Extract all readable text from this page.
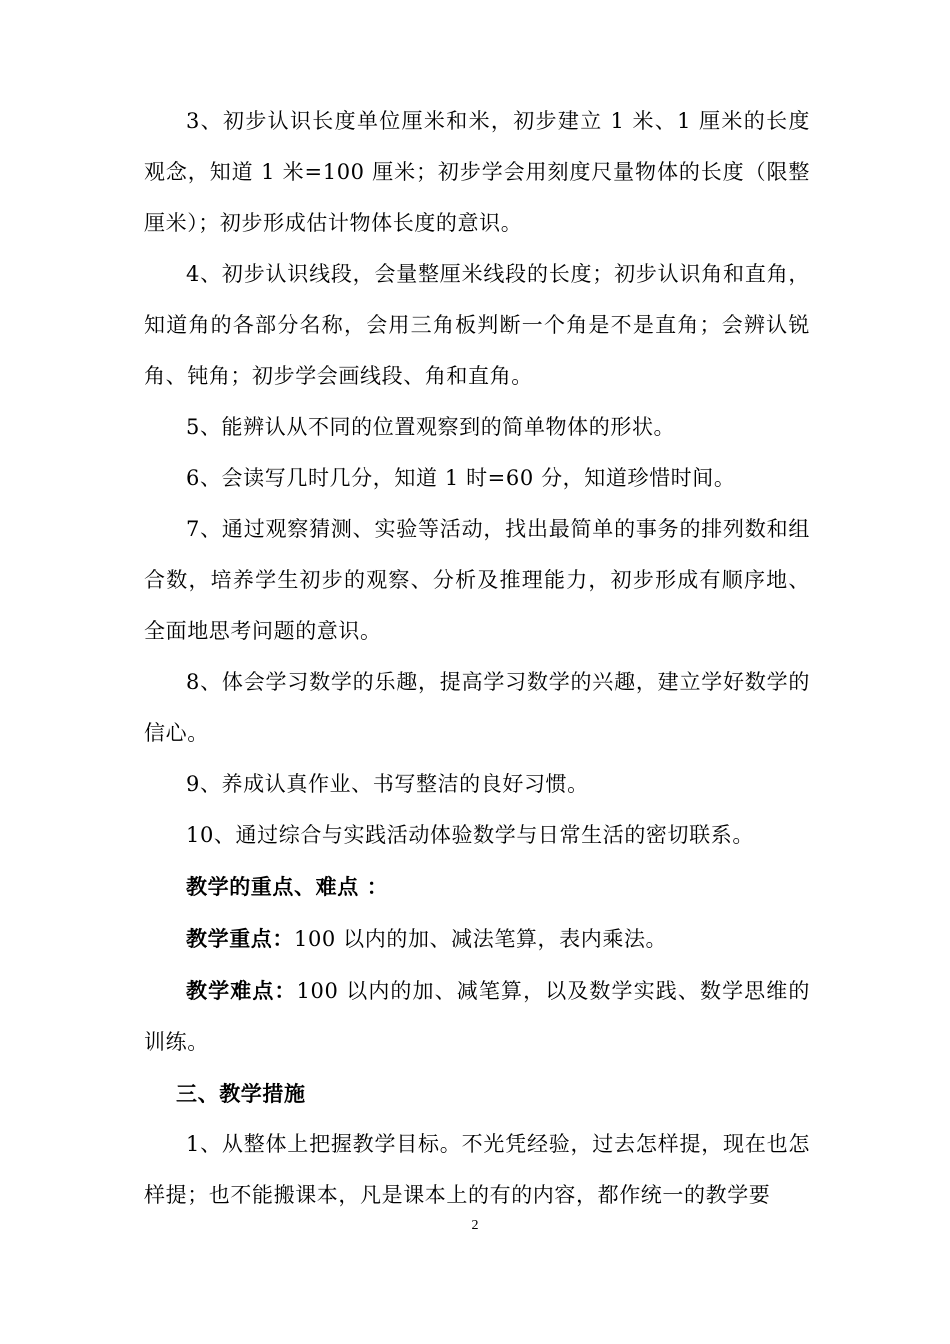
3、初步认识长度单位厘米和米，初步建立 1 米、1 厘米的长度观念，知道 1 米=100 厘米；初步学会用刻度尺量物体的长度（限整厘米）；初步形成估计物体长度的意识。

4、初步认识线段，会量整厘米线段的长度；初步认识角和直角，知道角的各部分名称，会用三角板判断一个角是不是直角；会辨认锐角、钝角；初步学会画线段、角和直角。

5、能辨认从不同的位置观察到的简单物体的形状。

6、会读写几时几分，知道 1 时=60 分，知道珍惜时间。

7、通过观察猜测、实验等活动，找出最简单的事务的排列数和组合数，培养学生初步的观察、分析及推理能力，初步形成有顺序地、全面地思考问题的意识。

8、体会学习数学的乐趣，提高学习数学的兴趣，建立学好数学的信心。

9、养成认真作业、书写整洁的良好习惯。

10、通过综合与实践活动体验数学与日常生活的密切联系。

教学的重点、难点 ：

教学重点：100 以内的加、减法笔算，表内乘法。

教学难点：100 以内的加、减笔算，以及数学实践、数学思维的训练。

三、教学措施

1、从整体上把握教学目标。不光凭经验，过去怎样提，现在也怎样提；也不能搬课本，凡是课本上的有的内容，都作统一的教学要

2
